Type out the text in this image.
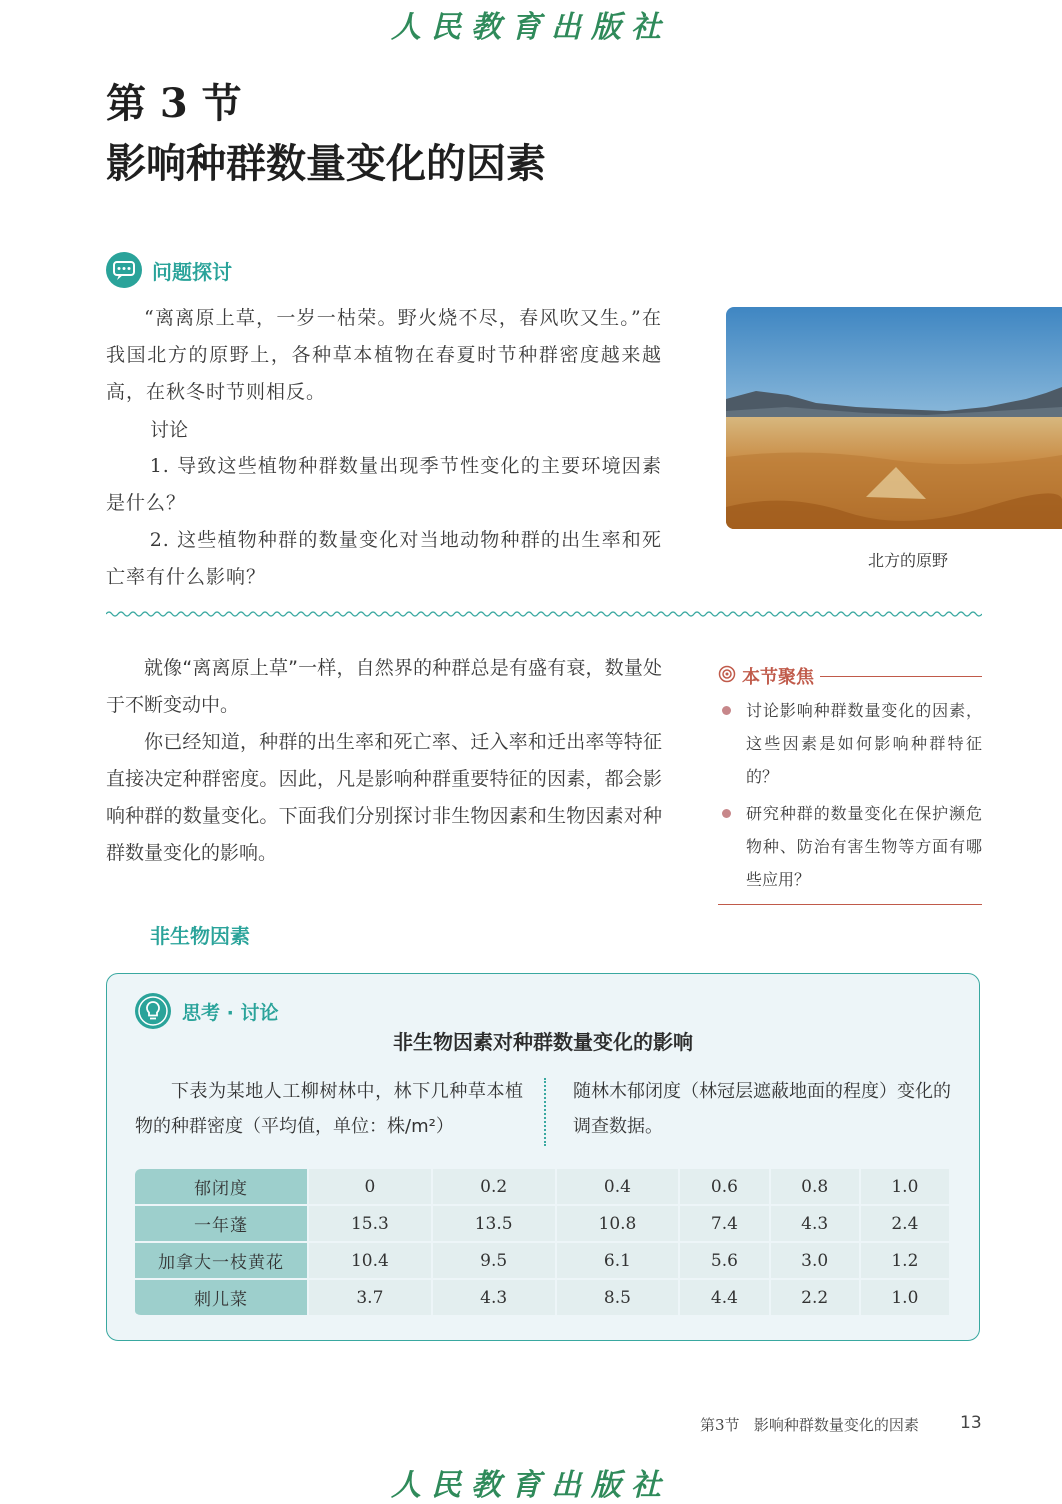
人民教育出版社
第 3 节
影响种群数量变化的因素
问题探讨
“离离原上草，一岁一枯荣。野火烧不尽，春风吹又生。”在我国北方的原野上，各种草本植物在春夏时节种群密度越来越高，在秋冬时节则相反。
讨论
1. 导致这些植物种群数量出现季节性变化的主要环境因素是什么？
2. 这些植物种群的数量变化对当地动物种群的出生率和死亡率有什么影响？
北方的原野

就像“离离原上草”一样，自然界的种群总是有盛有衰，数量处于不断变动中。

你已经知道，种群的出生率和死亡率、迁入率和迁出率等特征直接决定种群密度。因此，凡是影响种群重要特征的因素，都会影响种群的数量变化。下面我们分别探讨非生物因素和生物因素对种群数量变化的影响。

本节聚焦
讨论影响种群数量变化的因素，这些因素是如何影响种群特征的？
研究种群的数量变化在保护濒危物种、防治有害生物等方面有哪些应用？
非生物因素
思考 · 讨论
非生物因素对种群数量变化的影响
下表为某地人工柳树林中，林下几种草本植物的种群密度（平均值，单位：株/m²）
随林木郁闭度（林冠层遮蔽地面的程度）变化的调查数据。
郁闭度	0	0.2	0.4	0.6	0.8	1.0
一年蓬	15.3	13.5	10.8	7.4	4.3	2.4
加拿大一枝黄花	10.4	9.5	6.1	5.6	3.0	1.2
刺儿菜	3.7	4.3	8.5	4.4	2.2	1.0
第3节 影响种群数量变化的因素 13
人民教育出版社
